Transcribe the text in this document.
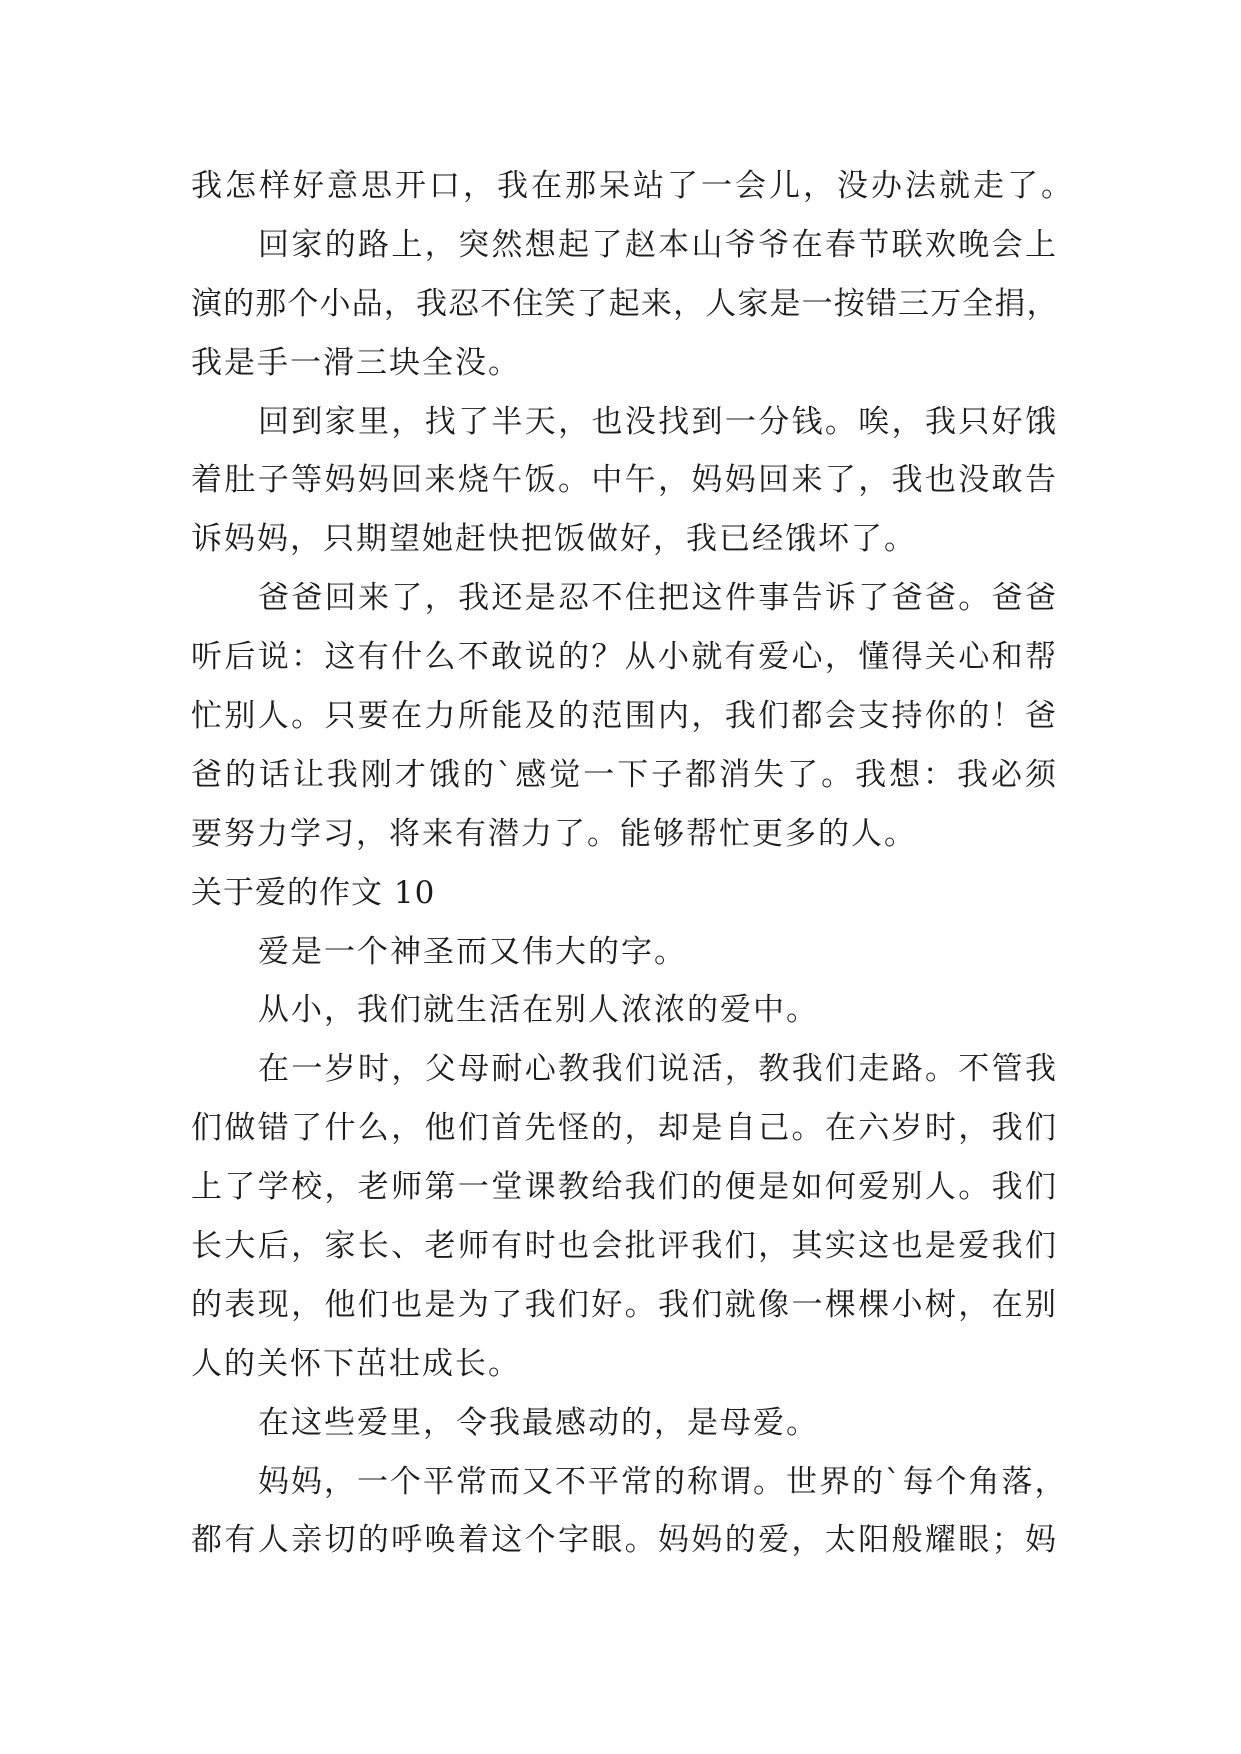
我怎样好意思开口，我在那呆站了一会儿，没办法就走了。
回家的路上，突然想起了赵本山爷爷在春节联欢晚会上
演的那个小品，我忍不住笑了起来，人家是一按错三万全捐，
我是手一滑三块全没。
回到家里，找了半天，也没找到一分钱。唉，我只好饿
着肚子等妈妈回来烧午饭。中午，妈妈回来了，我也没敢告
诉妈妈，只期望她赶快把饭做好，我已经饿坏了。
爸爸回来了，我还是忍不住把这件事告诉了爸爸。爸爸
听后说：这有什么不敢说的？从小就有爱心，懂得关心和帮
忙别人。只要在力所能及的范围内，我们都会支持你的！爸
爸的话让我刚才饿的`感觉一下子都消失了。我想：我必须
要努力学习，将来有潜力了。能够帮忙更多的人。
关于爱的作文 10
爱是一个神圣而又伟大的字。
从小，我们就生活在别人浓浓的爱中。
在一岁时，父母耐心教我们说活，教我们走路。不管我
们做错了什么，他们首先怪的，却是自己。在六岁时，我们
上了学校，老师第一堂课教给我们的便是如何爱别人。我们
长大后，家长、老师有时也会批评我们，其实这也是爱我们
的表现，他们也是为了我们好。我们就像一棵棵小树，在别
人的关怀下茁壮成长。
在这些爱里，令我最感动的，是母爱。
妈妈，一个平常而又不平常的称谓。世界的`每个角落，
都有人亲切的呼唤着这个字眼。妈妈的爱，太阳般耀眼；妈
